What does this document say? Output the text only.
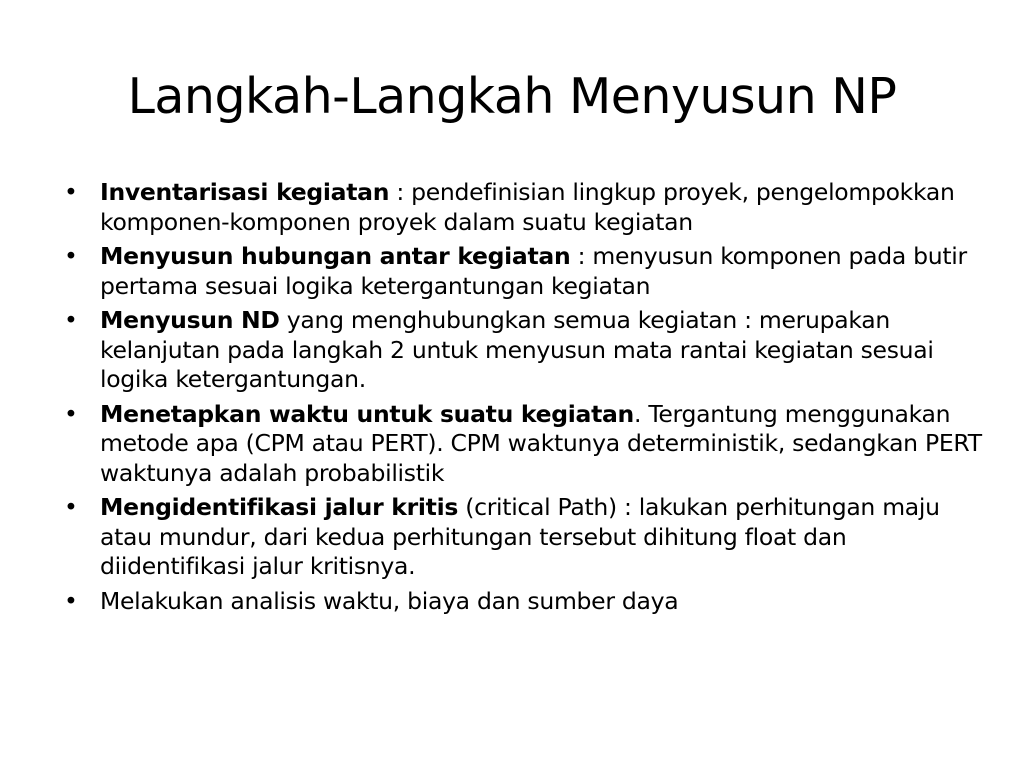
Langkah-Langkah Menyusun NP
• Inventarisasi kegiatan : pendefinisian lingkup proyek, pengelompokkan komponen-komponen proyek dalam suatu kegiatan
• Menyusun hubungan antar kegiatan : menyusun komponen pada butir pertama sesuai logika ketergantungan kegiatan
• Menyusun ND yang menghubungkan semua kegiatan : merupakan kelanjutan pada langkah 2 untuk menyusun mata rantai kegiatan sesuai logika ketergantungan.
• Menetapkan waktu untuk suatu kegiatan. Tergantung menggunakan metode apa (CPM atau PERT). CPM waktunya deterministik, sedangkan PERT waktunya adalah probabilistik
• Mengidentifikasi jalur kritis (critical Path) : lakukan perhitungan maju atau mundur, dari kedua perhitungan tersebut dihitung float dan diidentifikasi jalur kritisnya.
• Melakukan analisis waktu, biaya dan sumber daya
